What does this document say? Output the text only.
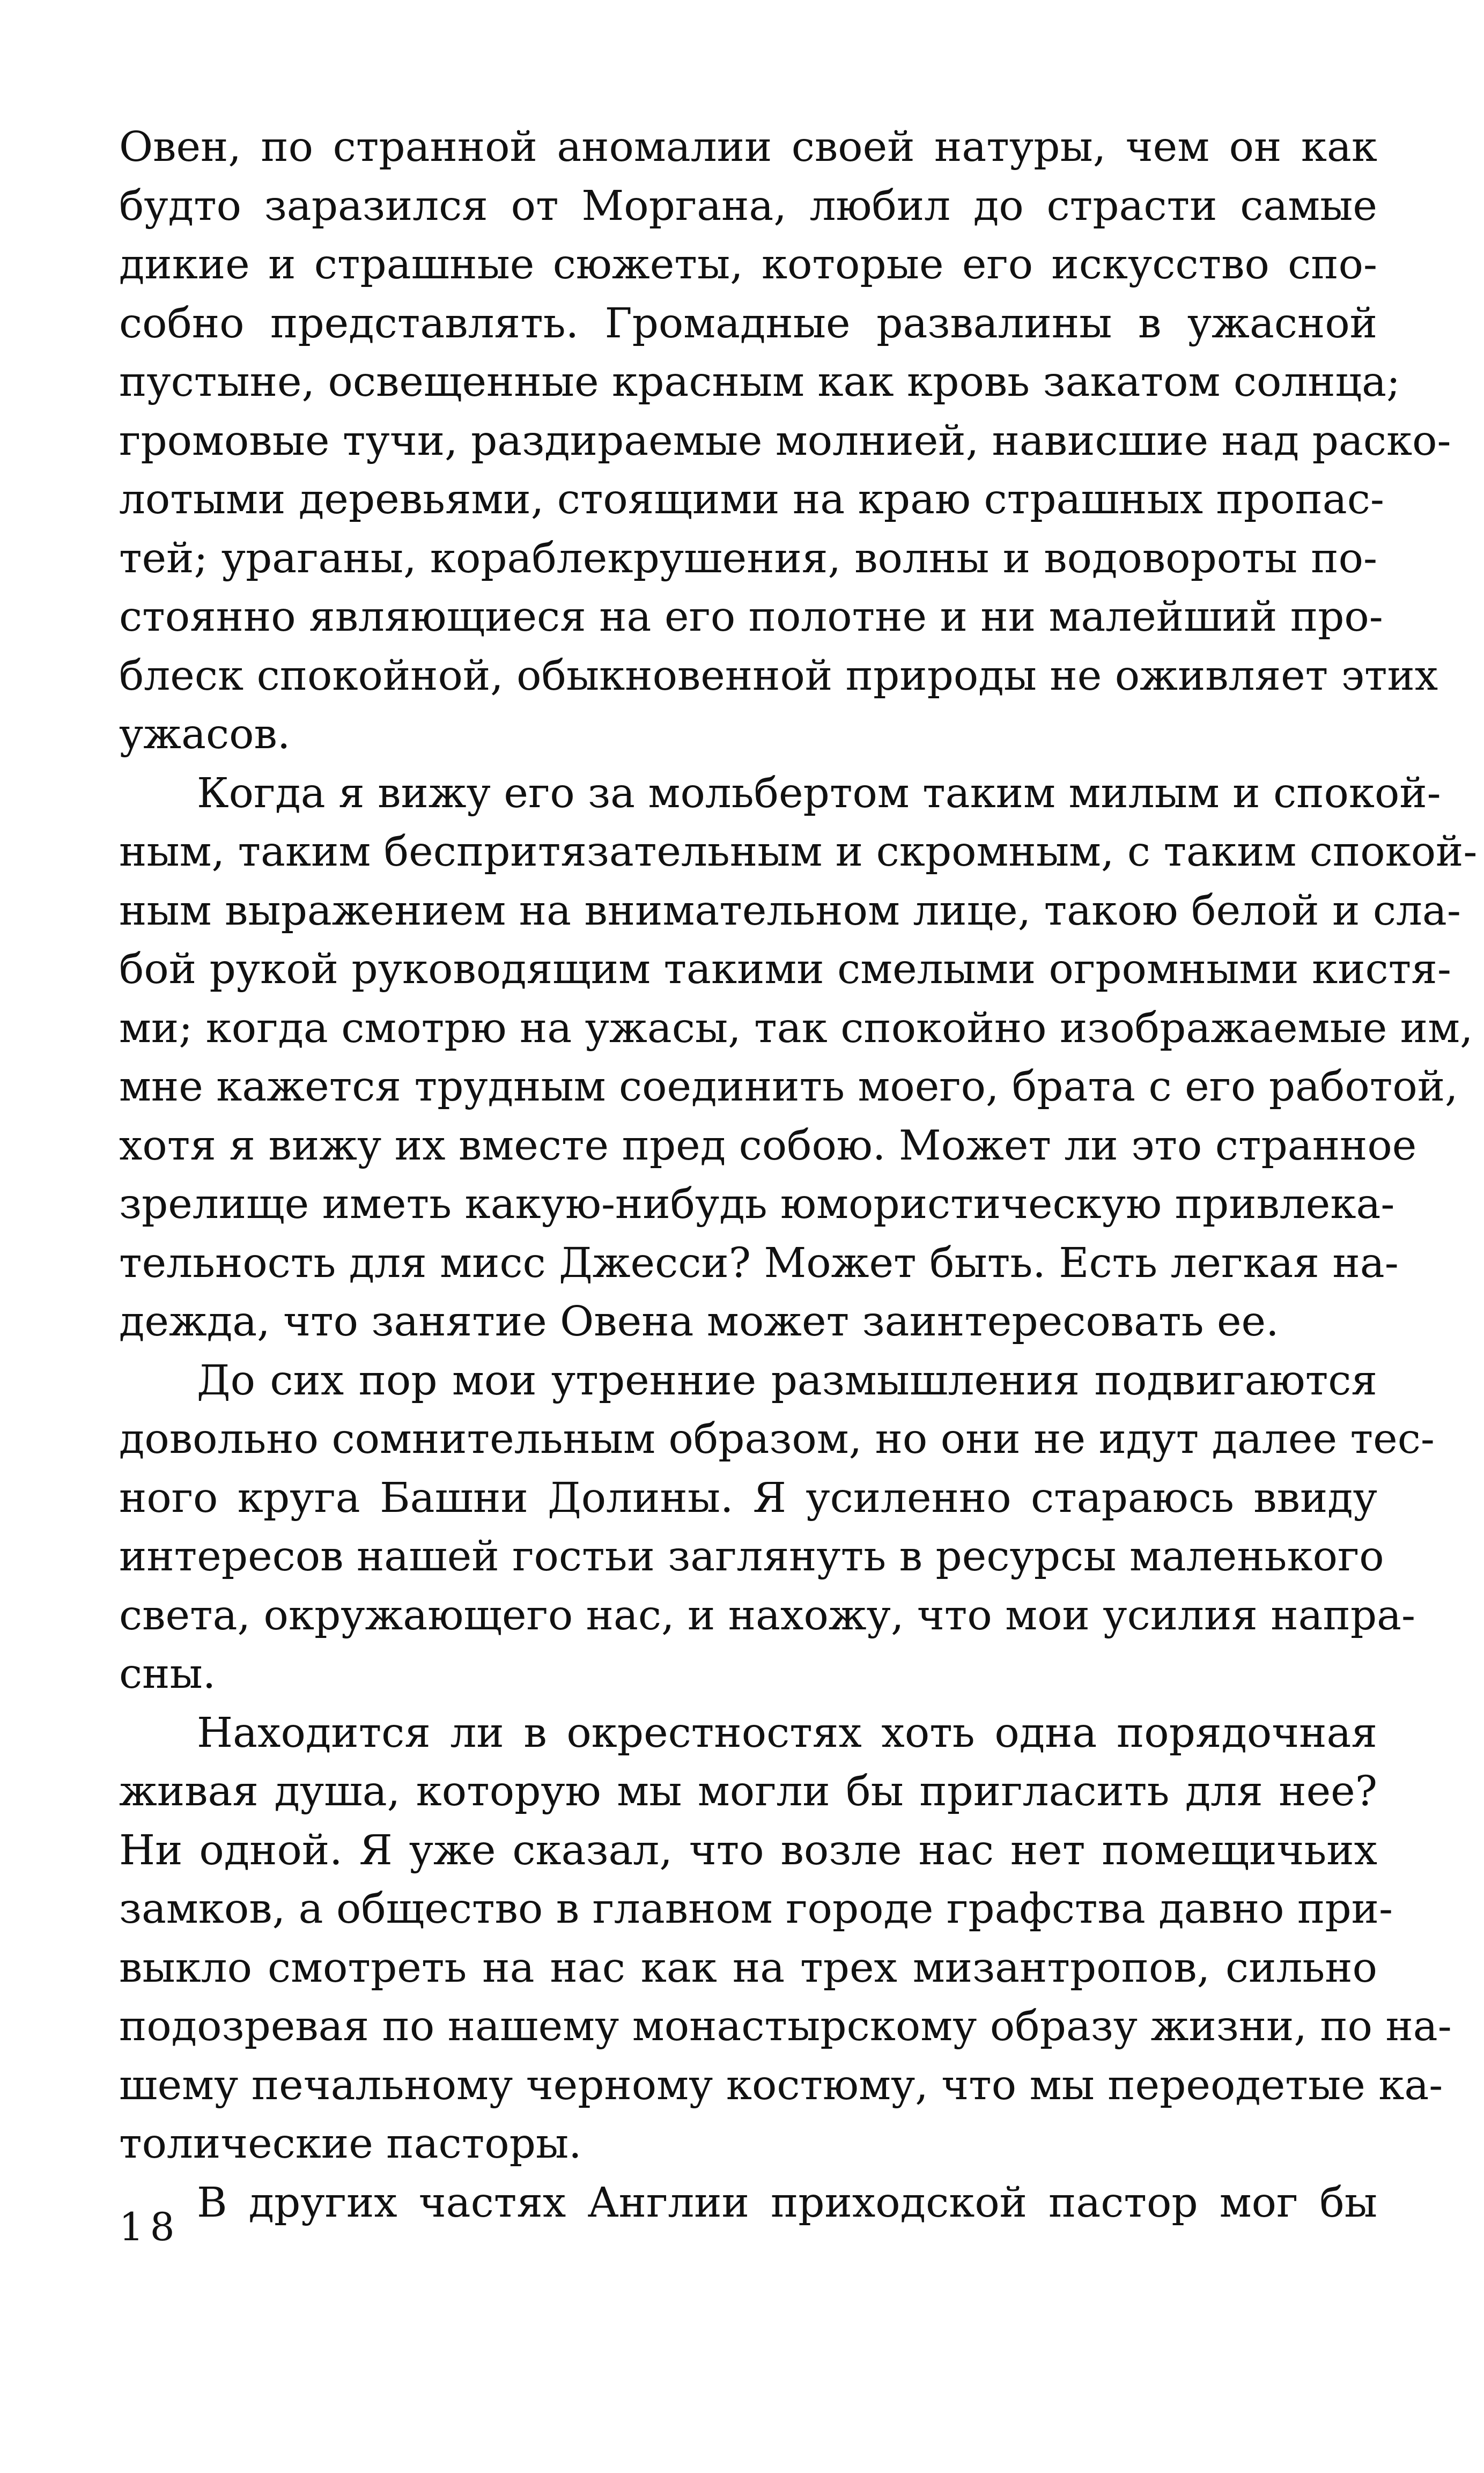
Овен, по странной аномалии своей натуры, чем он как
будто заразился от Моргана, любил до страсти самые
дикие и страшные сюжеты, которые его искусство спо-
собно представлять. Громадные развалины в ужасной
пустыне, освещенные красным как кровь закатом солнца;
громовые тучи, раздираемые молнией, нависшие над раско-
лотыми деревьями, стоящими на краю страшных пропас-
тей; ураганы, кораблекрушения, волны и водовороты по-
стоянно являющиеся на его полотне и ни малейший про-
блеск спокойной, обыкновенной природы не оживляет этих
ужасов.
Когда я вижу его за мольбертом таким милым и спокой-
ным, таким беспритязательным и скромным, с таким спокой-
ным выражением на внимательном лице, такою белой и сла-
бой рукой руководящим такими смелыми огромными кистя-
ми; когда смотрю на ужасы, так спокойно изображаемые им,
мне кажется трудным соединить моего, брата с его работой,
хотя я вижу их вместе пред собою. Может ли это странное
зрелище иметь какую-нибудь юмористическую привлека-
тельность для мисс Джесси? Может быть. Есть легкая на-
дежда, что занятие Овена может заинтересовать ее.
До сих пор мои утренние размышления подвигаются
довольно сомнительным образом, но они не идут далее тес-
ного круга Башни Долины. Я усиленно стараюсь ввиду
интересов нашей гостьи заглянуть в ресурсы маленького
света, окружающего нас, и нахожу, что мои усилия напра-
сны.
Находится ли в окрестностях хоть одна порядочная
живая душа, которую мы могли бы пригласить для нее?
Ни одной. Я уже сказал, что возле нас нет помещичьих
замков, а общество в главном городе графства давно при-
выкло смотреть на нас как на трех мизантропов, сильно
подозревая по нашему монастырскому образу жизни, по на-
шему печальному черному костюму, что мы переодетые ка-
толические пасторы.
В других частях Англии приходской пастор мог бы
18
